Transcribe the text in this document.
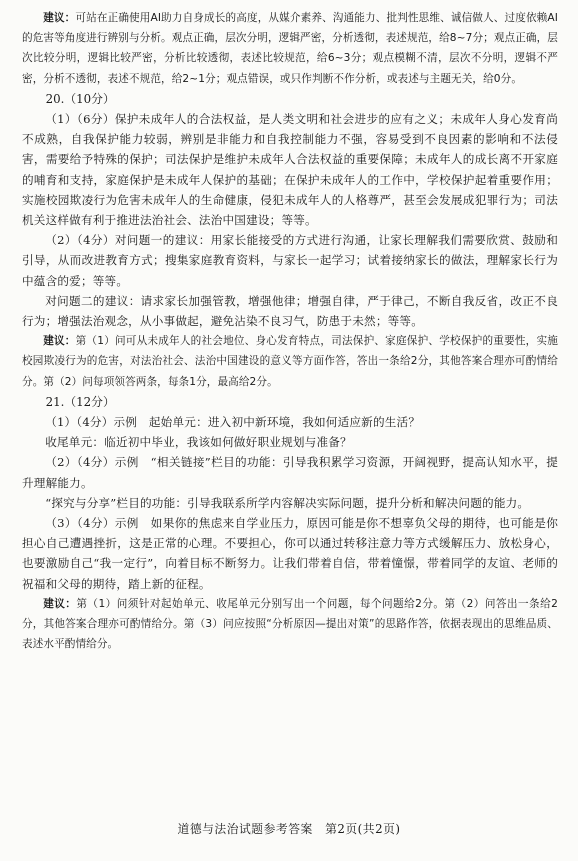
建议：可站在正确使用AI助力自身成长的高度，从媒介素养、沟通能力、批判性思维、诚信做人、过度依赖AI的危害等角度进行辨别与分析。观点正确，层次分明，逻辑严密，分析透彻，表述规范，给8~7分；观点正确，层次比较分明，逻辑比较严密，分析比较透彻，表述比较规范，给6~3分；观点模糊不清，层次不分明，逻辑不严密，分析不透彻，表述不规范，给2~1分；观点错误，或只作判断不作分析，或表述与主题无关，给0分。

20.（10分）

（1）（6分）保护未成年人的合法权益，是人类文明和社会进步的应有之义；未成年人身心发育尚不成熟，自我保护能力较弱，辨别是非能力和自我控制能力不强，容易受到不良因素的影响和不法侵害，需要给予特殊的保护；司法保护是维护未成年人合法权益的重要保障；未成年人的成长离不开家庭的哺育和支持，家庭保护是未成年人保护的基础；在保护未成年人的工作中，学校保护起着重要作用；实施校园欺凌行为危害未成年人的生命健康，侵犯未成年人的人格尊严，甚至会发展成犯罪行为；司法机关这样做有利于推进法治社会、法治中国建设；等等。

（2）（4分）对问题一的建议：用家长能接受的方式进行沟通，让家长理解我们需要欣赏、鼓励和引导，从而改进教育方式；搜集家庭教育资料，与家长一起学习；试着接纳家长的做法，理解家长行为中蕴含的爱；等等。

对问题二的建议：请求家长加强管教，增强他律；增强自律，严于律己，不断自我反省，改正不良行为；增强法治观念，从小事做起，避免沾染不良习气，防患于未然；等等。

建议：第（1）问可从未成年人的社会地位、身心发育特点，司法保护、家庭保护、学校保护的重要性，实施校园欺凌行为的危害，对法治社会、法治中国建设的意义等方面作答，答出一条给2分，其他答案合理亦可酌情给分。第（2）问每项领答两条，每条1分，最高给2分。

21.（12分）

（1）（4分）示例　起始单元：进入初中新环境，我如何适应新的生活？

收尾单元：临近初中毕业，我该如何做好职业规划与准备？

（2）（4分）示例　“相关链接”栏目的功能：引导我积累学习资源，开阔视野，提高认知水平，提升理解能力。

“探究与分享”栏目的功能：引导我联系所学内容解决实际问题，提升分析和解决问题的能力。

（3）（4分）示例　如果你的焦虑来自学业压力，原因可能是你不想辜负父母的期待，也可能是你担心自己遭遇挫折，这是正常的心理。不要担心，你可以通过转移注意力等方式缓解压力、放松身心，也要激励自己“我一定行”，向着目标不断努力。让我们带着自信，带着憧憬，带着同学的友谊、老师的祝福和父母的期待，踏上新的征程。

建议：第（1）问须针对起始单元、收尾单元分别写出一个问题，每个问题给2分。第（2）问答出一条给2分，其他答案合理亦可酌情给分。第（3）问应按照“分析原因—提出对策”的思路作答，依据表现出的思维品质、表述水平酌情给分。

道德与法治试题参考答案　第2页(共2页)
